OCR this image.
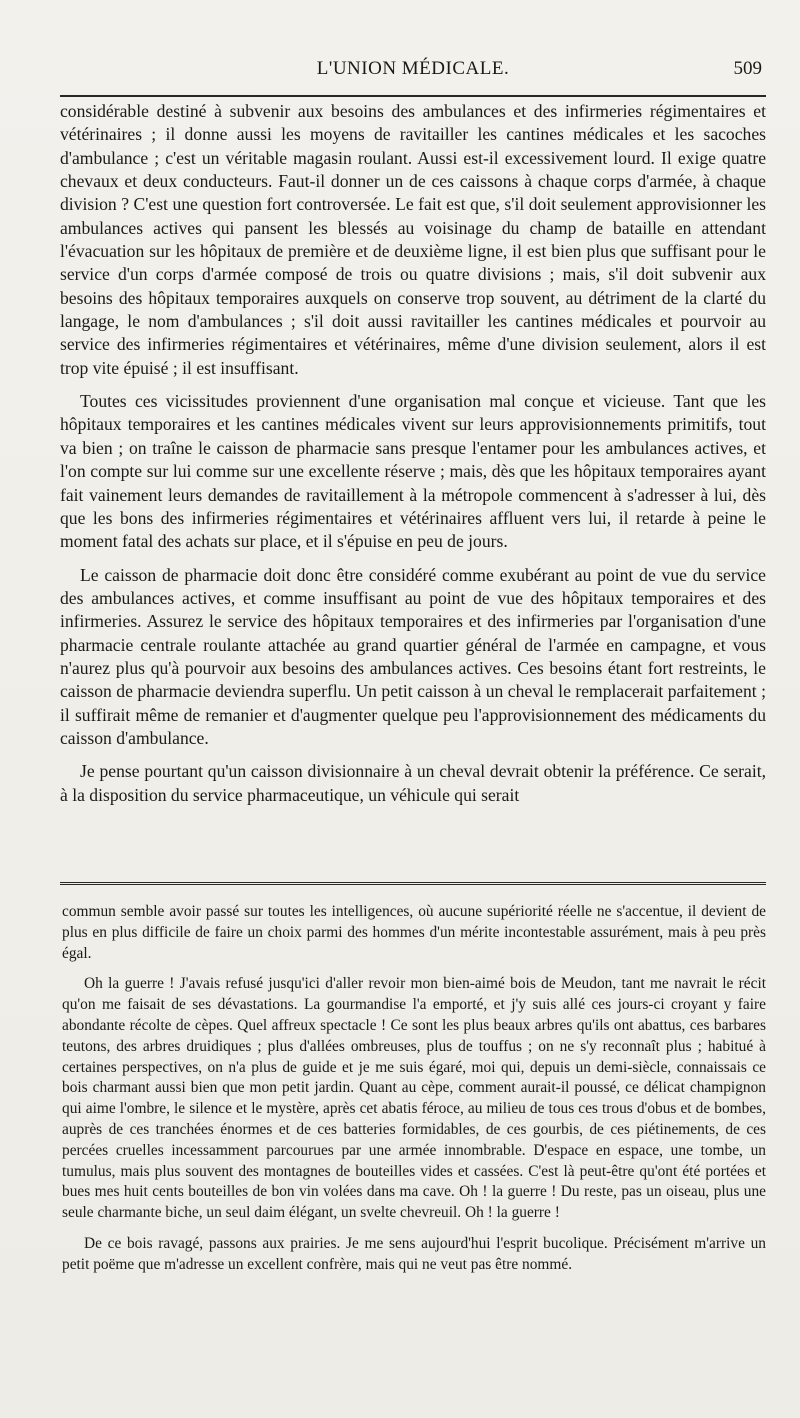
L'UNION MÉDICALE.	509

considérable destiné à subvenir aux besoins des ambulances et des infirmeries régimentaires et vétérinaires ; il donne aussi les moyens de ravitailler les cantines médicales et les sacoches d'ambulance ; c'est un véritable magasin roulant. Aussi est-il excessivement lourd. Il exige quatre chevaux et deux conducteurs. Faut-il donner un de ces caissons à chaque corps d'armée, à chaque division ? C'est une question fort controversée. Le fait est que, s'il doit seulement approvisionner les ambulances actives qui pansent les blessés au voisinage du champ de bataille en attendant l'évacuation sur les hôpitaux de première et de deuxième ligne, il est bien plus que suffisant pour le service d'un corps d'armée composé de trois ou quatre divisions ; mais, s'il doit subvenir aux besoins des hôpitaux temporaires auxquels on conserve trop souvent, au détriment de la clarté du langage, le nom d'ambulances ; s'il doit aussi ravitailler les cantines médicales et pourvoir au service des infirmeries régimentaires et vétérinaires, même d'une division seulement, alors il est trop vite épuisé ; il est insuffisant.

Toutes ces vicissitudes proviennent d'une organisation mal conçue et vicieuse. Tant que les hôpitaux temporaires et les cantines médicales vivent sur leurs approvisionnements primitifs, tout va bien ; on traîne le caisson de pharmacie sans presque l'entamer pour les ambulances actives, et l'on compte sur lui comme sur une excellente réserve ; mais, dès que les hôpitaux temporaires ayant fait vainement leurs demandes de ravitaillement à la métropole commencent à s'adresser à lui, dès que les bons des infirmeries régimentaires et vétérinaires affluent vers lui, il retarde à peine le moment fatal des achats sur place, et il s'épuise en peu de jours.

Le caisson de pharmacie doit donc être considéré comme exubérant au point de vue du service des ambulances actives, et comme insuffisant au point de vue des hôpitaux temporaires et des infirmeries. Assurez le service des hôpitaux temporaires et des infirmeries par l'organisation d'une pharmacie centrale roulante attachée au grand quartier général de l'armée en campagne, et vous n'aurez plus qu'à pourvoir aux besoins des ambulances actives. Ces besoins étant fort restreints, le caisson de pharmacie deviendra superflu. Un petit caisson à un cheval le remplacerait parfaitement ; il suffirait même de remanier et d'augmenter quelque peu l'approvisionnement des médicaments du caisson d'ambulance.

Je pense pourtant qu'un caisson divisionnaire à un cheval devrait obtenir la préférence. Ce serait, à la disposition du service pharmaceutique, un véhicule qui serait

commun semble avoir passé sur toutes les intelligences, où aucune supériorité réelle ne s'accentue, il devient de plus en plus difficile de faire un choix parmi des hommes d'un mérite incontestable assurément, mais à peu près égal.

Oh la guerre ! J'avais refusé jusqu'ici d'aller revoir mon bien-aimé bois de Meudon, tant me navrait le récit qu'on me faisait de ses dévastations. La gourmandise l'a emporté, et j'y suis allé ces jours-ci croyant y faire abondante récolte de cèpes. Quel affreux spectacle ! Ce sont les plus beaux arbres qu'ils ont abattus, ces barbares teutons, des arbres druidiques ; plus d'allées ombreuses, plus de touffus ; on ne s'y reconnaît plus ; habitué à certaines perspectives, on n'a plus de guide et je me suis égaré, moi qui, depuis un demi-siècle, connaissais ce bois charmant aussi bien que mon petit jardin. Quant au cèpe, comment aurait-il poussé, ce délicat champignon qui aime l'ombre, le silence et le mystère, après cet abatis féroce, au milieu de tous ces trous d'obus et de bombes, auprès de ces tranchées énormes et de ces batteries formidables, de ces gourbis, de ces piétinements, de ces percées cruelles incessamment parcourues par une armée innombrable. D'espace en espace, une tombe, un tumulus, mais plus souvent des montagnes de bouteilles vides et cassées. C'est là peut-être qu'ont été portées et bues mes huit cents bouteilles de bon vin volées dans ma cave. Oh ! la guerre ! Du reste, pas un oiseau, plus une seule charmante biche, un seul daim élégant, un svelte chevreuil. Oh ! la guerre !

De ce bois ravagé, passons aux prairies. Je me sens aujourd'hui l'esprit bucolique. Précisément m'arrive un petit poëme que m'adresse un excellent confrère, mais qui ne veut pas être nommé.
